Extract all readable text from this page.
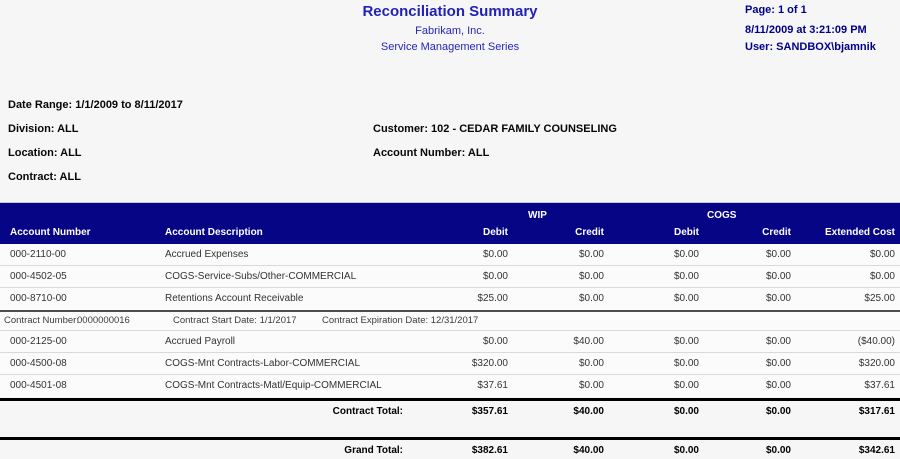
Reconciliation Summary
Fabrikam, Inc.
Service Management Series
Page: 1 of 1
8/11/2009 at 3:21:09 PM
User: SANDBOX\bjamnik
Date Range: 1/1/2009 to 8/11/2017
Division: ALL	Customer: 102 - CEDAR FAMILY COUNSELING
Location: ALL	Account Number: ALL
Contract: ALL
WIP	COGS
Account Number	Account Description	Debit	Credit	Debit	Credit	Extended Cost
000-2110-00	Accrued Expenses	$0.00	$0.00	$0.00	$0.00	$0.00
000-4502-05	COGS-Service-Subs/Other-COMMERCIAL	$0.00	$0.00	$0.00	$0.00	$0.00
000-8710-00	Retentions Account Receivable	$25.00	$0.00	$0.00	$0.00	$25.00
Contract Number:
0000000016	Contract Start Date: 1/1/2017	Contract Expiration Date: 12/31/2017
000-2125-00	Accrued Payroll	$0.00	$40.00	$0.00	$0.00	($40.00)
000-4500-08	COGS-Mnt Contracts-Labor-COMMERCIAL	$320.00	$0.00	$0.00	$0.00	$320.00
000-4501-08	COGS-Mnt Contracts-Matl/Equip-COMMERCIAL	$37.61	$0.00	$0.00	$0.00	$37.61
Contract Total:	$357.61	$40.00	$0.00	$0.00	$317.61
Grand Total:	$382.61	$40.00	$0.00	$0.00	$342.61
